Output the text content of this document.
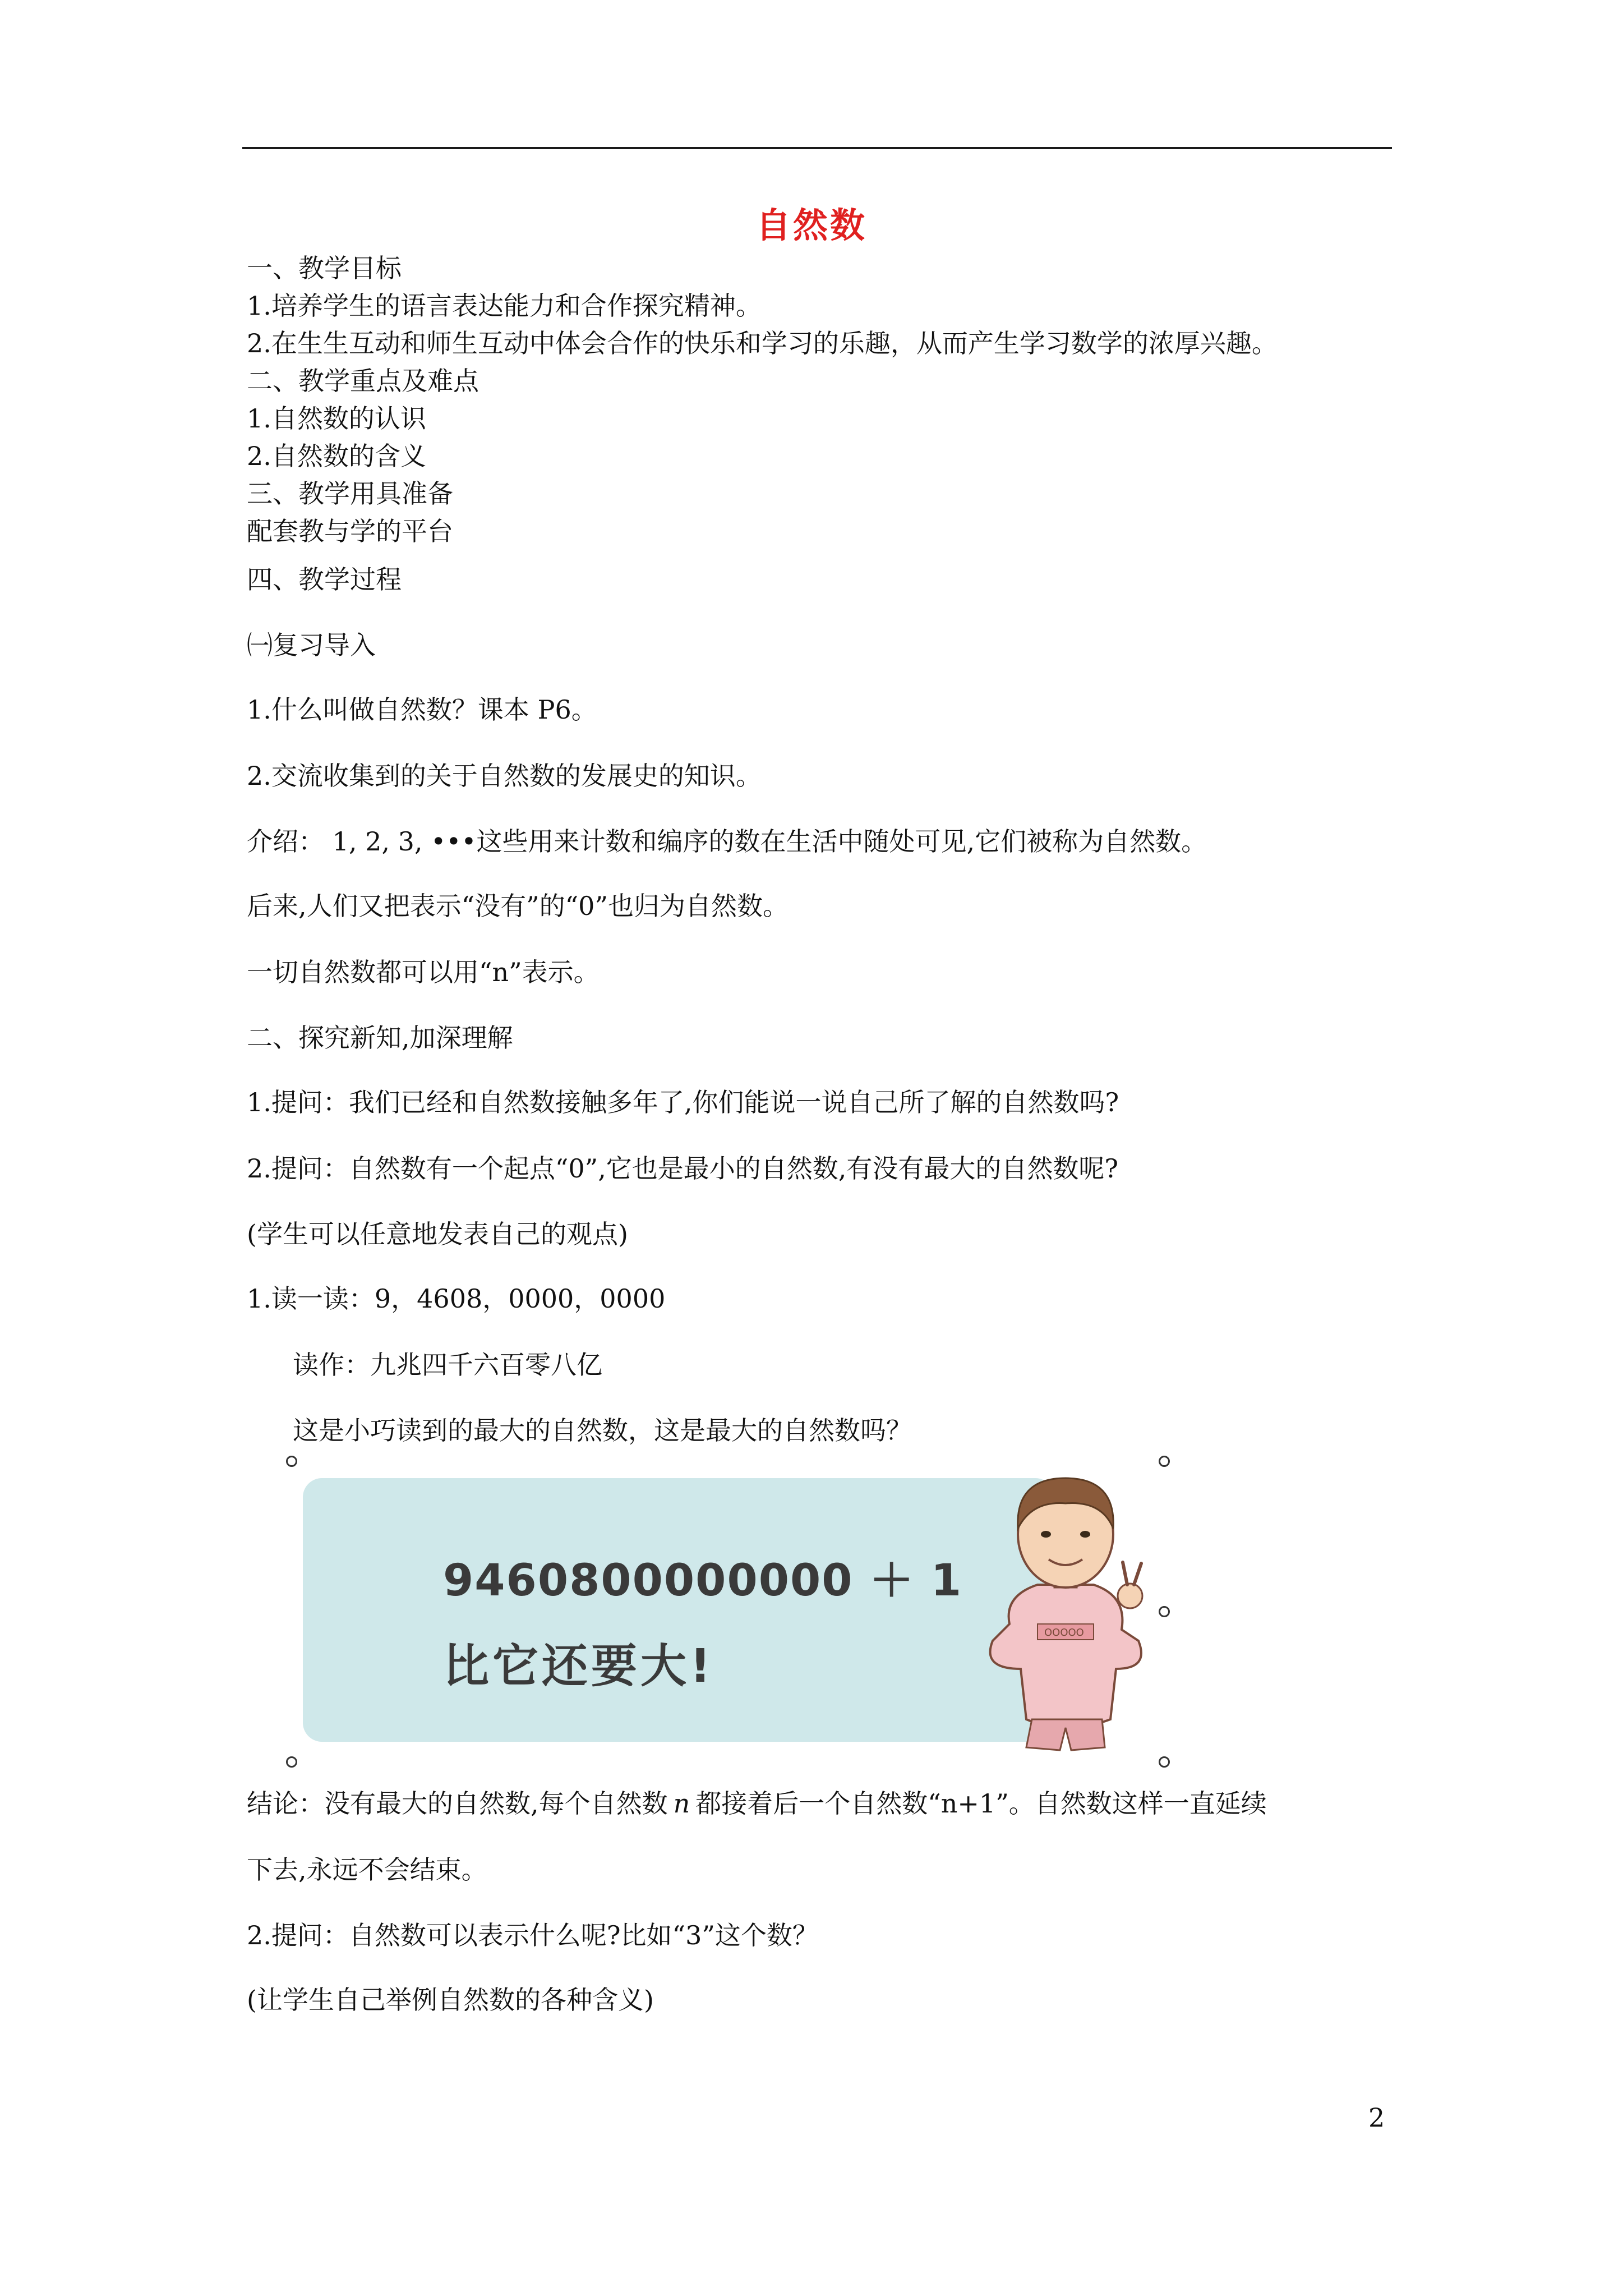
自然数
一、教学目标
1.培养学生的语言表达能力和合作探究精神。
2.在生生互动和师生互动中体会合作的快乐和学习的乐趣，从而产生学习数学的浓厚兴趣。
二、教学重点及难点
1.自然数的认识
2.自然数的含义
三、教学用具准备
配套教与学的平台
四、教学过程
㈠复习导入
1.什么叫做自然数？课本 P6。
2.交流收集到的关于自然数的发展史的知识。
介绍： 1, 2, 3, •••这些用来计数和编序的数在生活中随处可见,它们被称为自然数。
后来,人们又把表示“没有”的“0”也归为自然数。
一切自然数都可以用“n”表示。
二、探究新知,加深理解
1.提问：我们已经和自然数接触多年了,你们能说一说自己所了解的自然数吗?
2.提问：自然数有一个起点“0”,它也是最小的自然数,有没有最大的自然数呢?
(学生可以任意地发表自己的观点)
1.读一读：9，4608，0000，0000
读作：九兆四千六百零八亿
这是小巧读到的最大的自然数，这是最大的自然数吗？
9460800000000 ＋ 1
比它还要大!
OOOOO
结论：没有最大的自然数,每个自然数 n 都接着后一个自然数“n+1”。自然数这样一直延续
下去,永远不会结束。
2.提问：自然数可以表示什么呢?比如“3”这个数？
(让学生自己举例自然数的各种含义)
2
